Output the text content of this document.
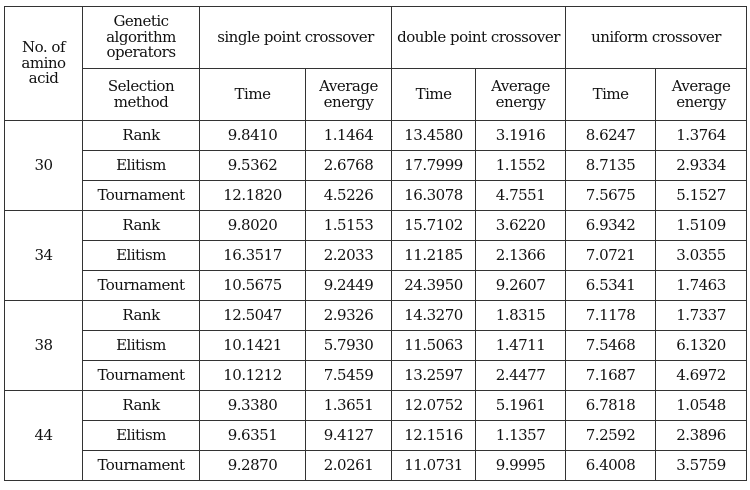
No. of amino acid	Genetic algorithm operators	single point crossover		double point crossover		uniform crossover	
	Selection method	Time	Average energy	Time	Average energy	Time	Average energy
30	Rank	9.8410	1.1464	13.4580	3.1916	8.6247	1.3764
	Elitism	9.5362	2.6768	17.7999	1.1552	8.7135	2.9334
	Tournament	12.1820	4.5226	16.3078	4.7551	7.5675	5.1527
34	Rank	9.8020	1.5153	15.7102	3.6220	6.9342	1.5109
	Elitism	16.3517	2.2033	11.2185	2.1366	7.0721	3.0355
	Tournament	10.5675	9.2449	24.3950	9.2607	6.5341	1.7463
38	Rank	12.5047	2.9326	14.3270	1.8315	7.1178	1.7337
	Elitism	10.1421	5.7930	11.5063	1.4711	7.5468	6.1320
	Tournament	10.1212	7.5459	13.2597	2.4477	7.1687	4.6972
44	Rank	9.3380	1.3651	12.0752	5.1961	6.7818	1.0548
	Elitism	9.6351	9.4127	12.1516	1.1357	7.2592	2.3896
	Tournament	9.2870	2.0261	11.0731	9.9995	6.4008	3.5759
